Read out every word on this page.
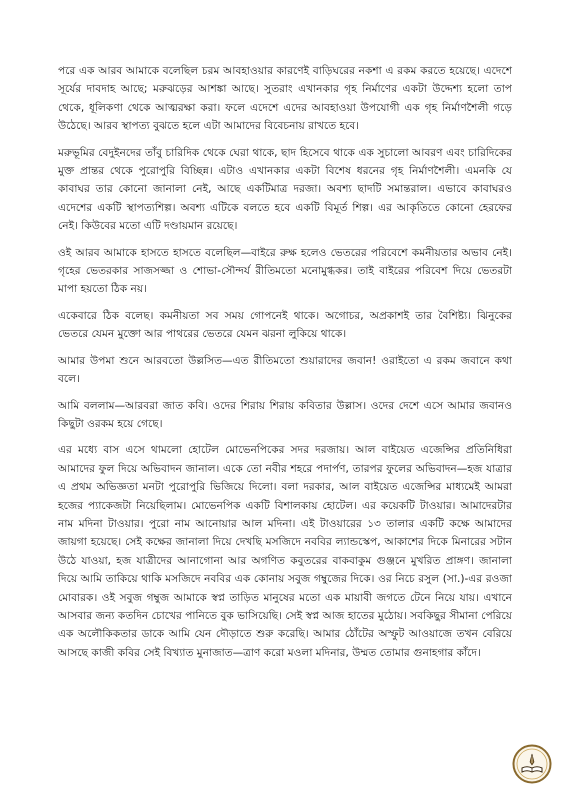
পরে এক আরব আমাকে বলেছিল চরম আবহাওয়ার কারণেই বাড়িঘরের নকশা এ রকম করতে হয়েছে। এদেশে সূর্যের দাবদাহ আছে; মরুঝড়ের আশঙ্কা আছে। সুতরাং এখানকার গৃহ নির্মাণের একটা উদ্দেশ্য হলো তাপ থেকে, ধূলিকণা থেকে আত্মরক্ষা করা। ফলে এদেশে এদের আবহাওয়া উপযোগী এক গৃহ নির্মাণশৈলী গড়ে উঠেছে। আরব স্থাপত্য বুঝতে হলে এটা আমাদের বিবেচনায় রাখতে হবে।

মরুভূমির বেদুইনদের তাঁবু চারিদিক থেকে ঘেরা থাকে, ছাদ হিসেবে থাকে এক সুচালো আবরণ এবং চারিদিকের মুক্ত প্রান্তর থেকে পুরোপুরি বিচ্ছিন্ন। এটাও এখানকার একটা বিশেষ ধরনের গৃহ নির্মাণশৈলী। এমনকি যে কাবাঘর তার কোনো জানালা নেই, আছে একটিমাত্র দরজা। অবশ্য ছাদটি সমান্তরাল। এভাবে কাবাঘরও এদেশের একটি স্থাপত্যশিল্প। অবশ্য এটিকে বলতে হবে একটি বিমূর্ত শিল্প। এর আকৃতিতে কোনো হেরফের নেই। কিউবের মতো এটি দণ্ডায়মান রয়েছে।

ওই আরব আমাকে হাসতে হাসতে বলেছিল—বাইরে রুক্ষ হলেও ভেতরের পরিবেশে কমনীয়তার অভাব নেই। গৃহের ভেতরকার সাজসজ্জা ও শোভা-সৌন্দর্য রীতিমতো মনোমুগ্ধকর। তাই বাইরের পরিবেশ দিয়ে ভেতরটা মাপা হয়তো ঠিক নয়।

একেবারে ঠিক বলেছ। কমনীয়তা সব সময় গোপনেই থাকে। অগোচর, অপ্রকাশই তার বৈশিষ্ট্য। ঝিনুকের ভেতরে যেমন মুক্তো আর পাথরের ভেতরে যেমন ঝরনা লুকিয়ে থাকে।

আমার উপমা শুনে আরবতো উল্লসিত—এত রীতিমতো শুয়ারাদের জবান! ওরাইতো এ রকম জবানে কথা বলে।

আমি বললাম—আরবরা জাত কবি। ওদের শিরায় শিরায় কবিতার উল্লাস। ওদের দেশে এসে আমার জবানও কিছুটা ওরকম হয়ে গেছে।

এর মধ্যে বাস এসে থামলো হোটেল মোভেনপিকের সদর দরজায়। আল বাইয়েত এজেন্সির প্রতিনিধিরা আমাদের ফুল দিয়ে অভিবাদন জানাল। একে তো নবীর শহরে পদার্পণ, তারপর ফুলের অভিবাদন—হজ যাত্রার এ প্রথম অভিজ্ঞতা মনটা পুরোপুরি ভিজিয়ে দিলো। বলা দরকার, আল বাইয়েত এজেন্সির মাধ্যমেই আমরা হজের প্যাকেজটা নিয়েছিলাম। মোভেনপিক একটি বিশালকায় হোটেল। এর কয়েকটি টাওয়ার। আমাদেরটার নাম মদিনা টাওয়ার। পুরো নাম আনোয়ার আল মদিনা। এই টাওয়ারের ১৩ তালার একটি কক্ষে আমাদের জায়গা হয়েছে। সেই কক্ষের জানালা দিয়ে দেখছি মসজিদে নববির ল্যান্ডস্কেপ, আকাশের দিকে মিনারের সটান উঠে যাওয়া, হজ যাত্রীদের আনাগোনা আর অগণিত কবুতরের বাকবাকুম গুঞ্জনে মুখরিত প্রাঙ্গণ। জানালা দিয়ে আমি তাকিয়ে থাকি মসজিদে নববির এক কোনায় সবুজ গম্বুজের দিকে। ওর নিচে রসুল (সা.)-এর রওজা মোবারক। ওই সবুজ গম্বুজ আমাকে স্বপ্ন তাড়িত মানুষের মতো এক মায়াবী জগতে টেনে নিয়ে যায়। এখানে আসবার জন্য কতদিন চোখের পানিতে বুক ভাসিয়েছি। সেই স্বপ্ন আজ হাতের মুঠোয়। সবকিছুর সীমানা পেরিয়ে এক অলৌকিকতার ডাকে আমি যেন দৌড়াতে শুরু করেছি। আমার ঠোঁটের অস্ফুট আওয়াজে তখন বেরিয়ে আসছে কাজী কবির সেই বিখ্যাত মুনাজাত—ত্রাণ করো মওলা মদিনার, উম্মত তোমার গুনাহগার কাঁদে।
